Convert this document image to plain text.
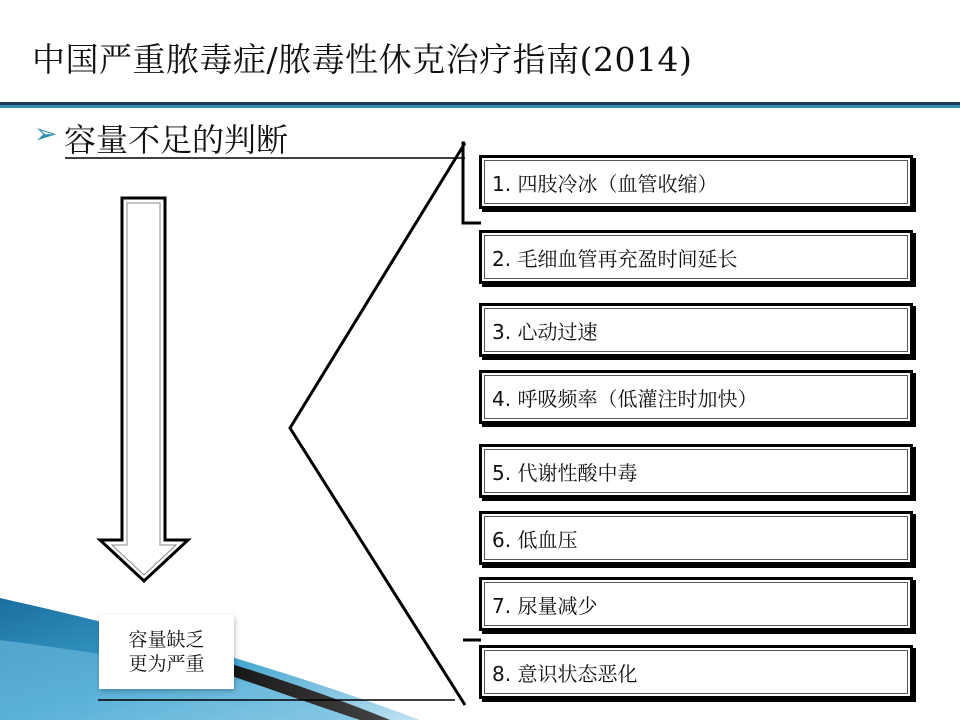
中国严重脓毒症/脓毒性休克治疗指南(2014)
➢ 容量不足的判断
1. 四肢冷冰（血管收缩）
2. 毛细血管再充盈时间延长
3. 心动过速
4. 呼吸频率（低灌注时加快）
5. 代谢性酸中毒
6. 低血压
7. 尿量减少
8. 意识状态恶化
容量缺乏
更为严重
